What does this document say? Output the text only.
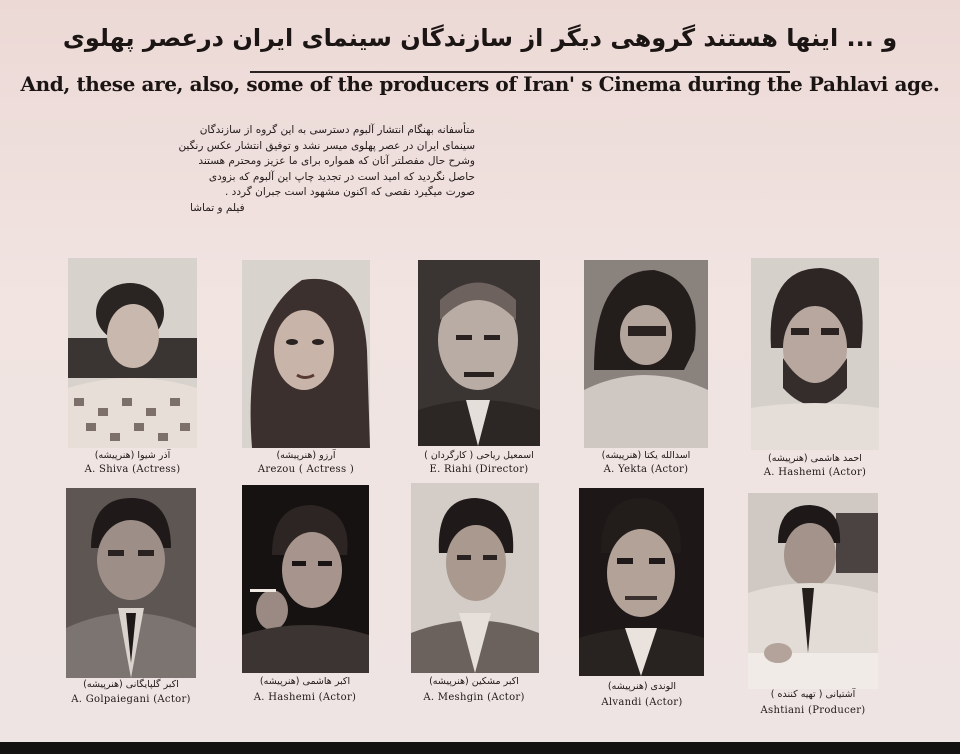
و ... اینها هستند گروهی دیگر از سازندگان سینمای ایران درعصر پهلوی
And, these are, also, some of the producers of Iran' s Cinema during the Pahlavi age.
متأسفانه بهنگام انتشار آلبوم دسترسی به این گروه از سازندگان
سینمای ایران در عصر پهلوی میسر نشد و توفیق انتشار عکس رنگین
وشرح حال مفصلتر آنان که همواره برای ما عزیز ومحترم هستند
حاصل نگردید که امید است در تجدید چاپ این آلبوم که بزودی
صورت میگیرد نقصی که اکنون مشهود است جبران گردد .
فیلم و تماشا
آذر شیوا (هنرپیشه)
A. Shiva (Actress)
آرزو (هنرپیشه)
Arezou ( Actress )
اسمعیل ریاحی ( کارگردان )
E. Riahi (Director)
اسدالله یکتا (هنرپیشه)
A. Yekta (Actor)
احمد هاشمی (هنرپیشه)
A. Hashemi (Actor)
اکبر گلپایگانی (هنرپیشه)
A. Golpaiegani (Actor)
اکبر هاشمی (هنرپیشه)
A. Hashemi (Actor)
اکبر مشکین (هنرپیشه)
A. Meshgin (Actor)
الوندی (هنرپیشه)
Alvandi (Actor)
آشتیانی ( تهیه کننده )
Ashtiani (Producer)
